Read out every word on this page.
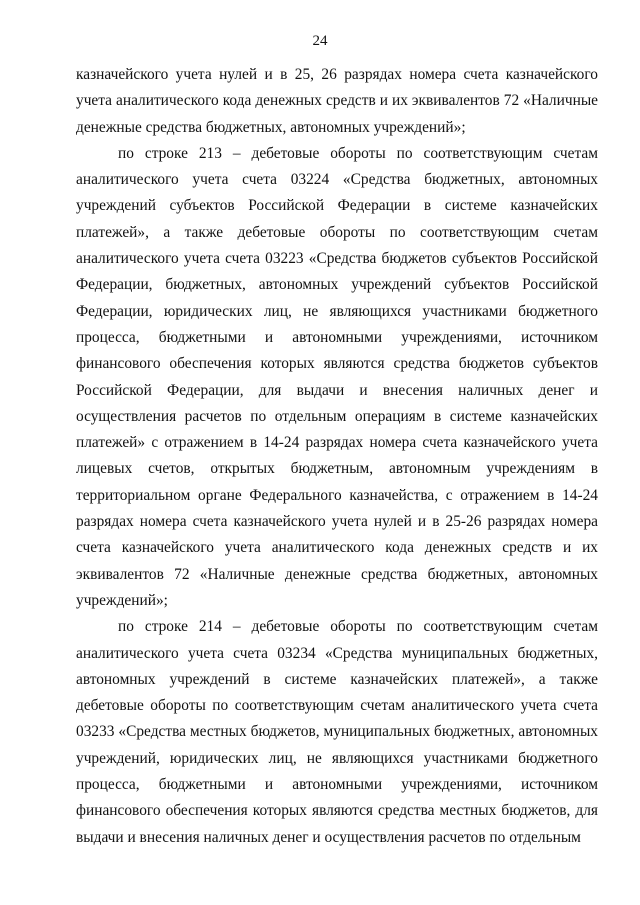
24

казначейского учета нулей и в 25, 26 разрядах номера счета казначейского учета аналитического кода денежных средств и их эквивалентов 72 «Наличные денежные средства бюджетных, автономных учреждений»;

по строке 213 – дебетовые обороты по соответствующим счетам аналитического учета счета 03224 «Средства бюджетных, автономных учреждений субъектов Российской Федерации в системе казначейских платежей», а также дебетовые обороты по соответствующим счетам аналитического учета счета 03223 «Средства бюджетов субъектов Российской Федерации, бюджетных, автономных учреждений субъектов Российской Федерации, юридических лиц, не являющихся участниками бюджетного процесса, бюджетными и автономными учреждениями, источником финансового обеспечения которых являются средства бюджетов субъектов Российской Федерации, для выдачи и внесения наличных денег и осуществления расчетов по отдельным операциям в системе казначейских платежей» с отражением в 14-24 разрядах номера счета казначейского учета лицевых счетов, открытых бюджетным, автономным учреждениям в территориальном органе Федерального казначейства, с отражением в 14-24 разрядах номера счета казначейского учета нулей и в 25-26 разрядах номера счета казначейского учета аналитического кода денежных средств и их эквивалентов 72 «Наличные денежные средства бюджетных, автономных учреждений»;

по строке 214 – дебетовые обороты по соответствующим счетам аналитического учета счета 03234 «Средства муниципальных бюджетных, автономных учреждений в системе казначейских платежей», а также дебетовые обороты по соответствующим счетам аналитического учета счета 03233 «Средства местных бюджетов, муниципальных бюджетных, автономных учреждений, юридических лиц, не являющихся участниками бюджетного процесса, бюджетными и автономными учреждениями, источником финансового обеспечения которых являются средства местных бюджетов, для выдачи и внесения наличных денег и осуществления расчетов по отдельным
